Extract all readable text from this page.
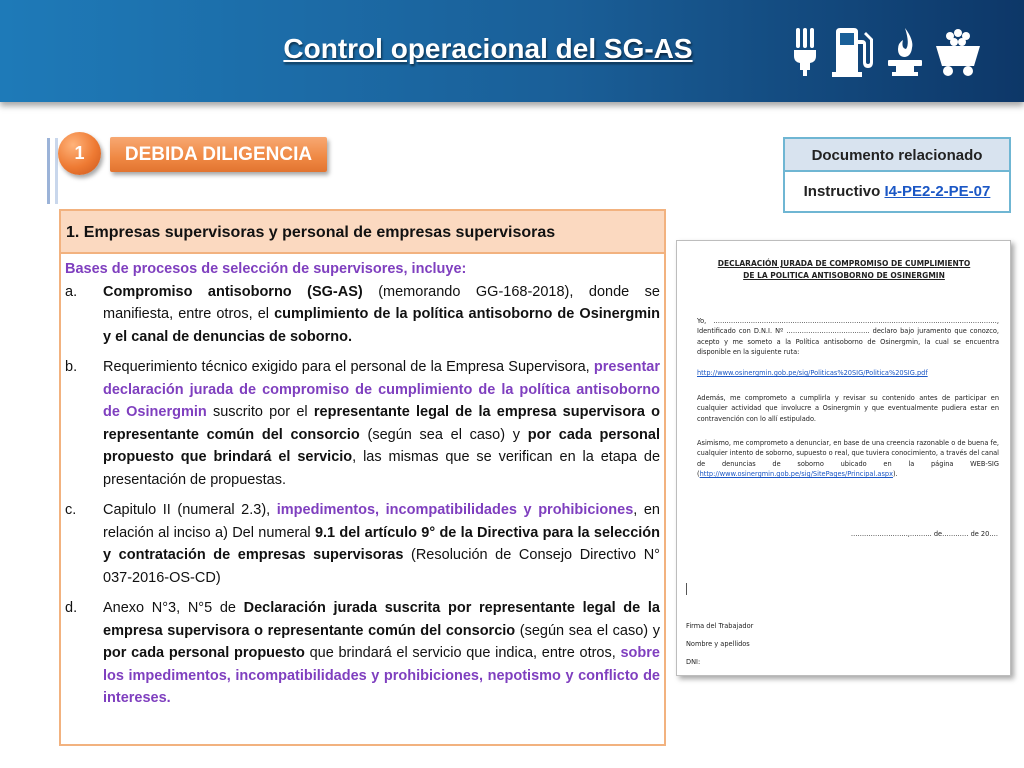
Control operacional del SG-AS
1	DEBIDA DILIGENCIA	Documento relacionado
Instructivo I4-PE2-2-PE-07
1. Empresas supervisoras y personal de empresas supervisoras
Bases de procesos de selección de supervisores, incluye:
a.	Compromiso antisoborno (SG-AS) (memorando GG-168-2018), donde se manifiesta, entre otros, el cumplimiento de la política antisoborno de Osinergmin y el canal de denuncias de soborno.
b.	Requerimiento técnico exigido para el personal de la Empresa Supervisora, presentar declaración jurada de compromiso de cumplimiento de la política antisoborno de Osinergmin suscrito por el representante legal de la empresa supervisora o representante común del consorcio (según sea el caso) y por cada personal propuesto que brindará el servicio, las mismas que se verifican en la etapa de presentación de propuestas.
c.	Capitulo II (numeral 2.3), impedimentos, incompatibilidades y prohibiciones, en relación al inciso a) Del numeral 9.1 del artículo 9° de la Directiva para la selección y contratación de empresas supervisoras (Resolución de Consejo Directivo N° 037-2016-OS-CD)
d.	Anexo N°3, N°5 de Declaración jurada suscrita por representante legal de la empresa supervisora o representante común del consorcio (según sea el caso) y por cada personal propuesto que brindará el servicio que indica, entre otros, sobre los impedimentos, incompatibilidades y prohibiciones, nepotismo y conflicto de intereses.
DECLARACIÓN JURADA DE COMPROMISO DE CUMPLIMIENTO
DE LA POLITICA ANTISOBORNO DE OSINERGMIN
Yo, …………………………………………………………………………………………………………………, Identificado con D.N.I. Nº ……………………………….. declaro bajo juramento que conozco, acepto y me someto a la Política antisoborno de Osinergmin, la cual se encuentra disponible en la siguiente ruta:
http://www.osinergmin.gob.pe/sig/Politicas%20SIG/Politica%20SIG.pdf
Además, me comprometo a cumplirla y revisar su contenido antes de participar en cualquier actividad que involucre a Osinergmin y que eventualmente pudiera estar en contravención con lo allí estipulado.
Asimismo, me comprometo a denunciar, en base de una creencia razonable o de buena fe, cualquier intento de soborno, supuesto o real, que tuviera conocimiento, a través del canal de denuncias de soborno ubicado en la página WEB-SIG (http://www.osinergmin.gob.pe/sig/SitePages/Principal.aspx).
……………………..,………. de………… de 20….
Firma del Trabajador
Nombre y apellidos
DNI:
